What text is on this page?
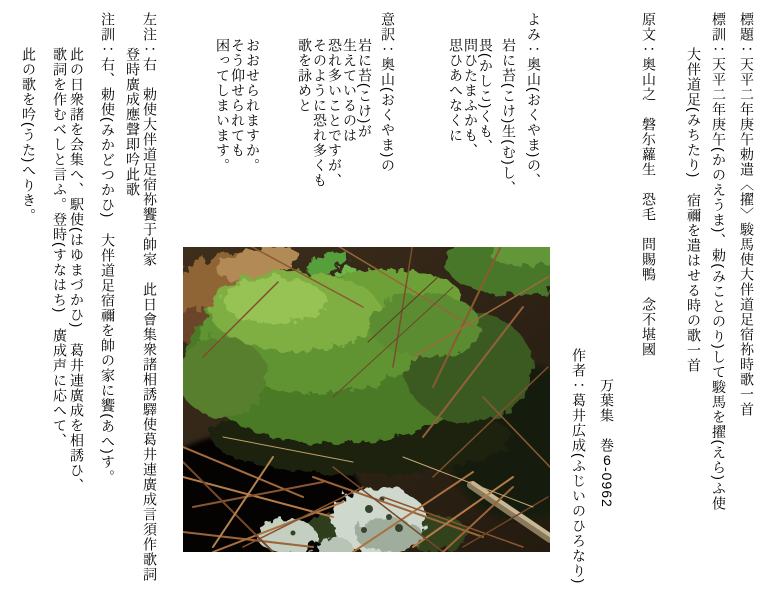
標題：天平二年庚午勅遣〈擢〉駿馬使大伴道足宿祢時歌一首
標訓：天平二年庚午(かのえうま)、勅(みことのり)して駿馬を擢(えら)ふ使
大伴道足(みちたり)　宿禰を遣はせる時の歌一首
原文：奥山之　磐尓蘿生　恐毛　問賜鴨　念不堪國
万葉集　巻6-0962
作者：葛井広成(ふじいのひろなり)
よみ：奥山(おくやま)の、
岩に苔(こけ)生(む)し、
畏(かしこ)くも、
問ひたまふかも、
思ひあへなくに
意訳：奥山(おくやま)の
岩に苔(こけ)が
生えているのは
恐れ多いことですが、
そのように恐れ多くも
歌を詠めと
おおせられますか。
そう仰せられても
困ってしまいます。
左注：右　勅使大伴道足宿祢饗于帥家　此日會集衆諸相誘驛使葛井連廣成言須作歌詞
登時廣成應聲即吟此歌
注訓：右、勅使(みかどつかひ)　大伴道足宿禰を帥の家に饗(あへ)す。
此の日衆諸を会集へ、駅使(はゆまづかひ)　葛井連廣成を相誘ひ、
歌詞を作むべしと言ふ。登時(すなはち)　廣成声に応へて、
此の歌を吟(うた)へりき。
